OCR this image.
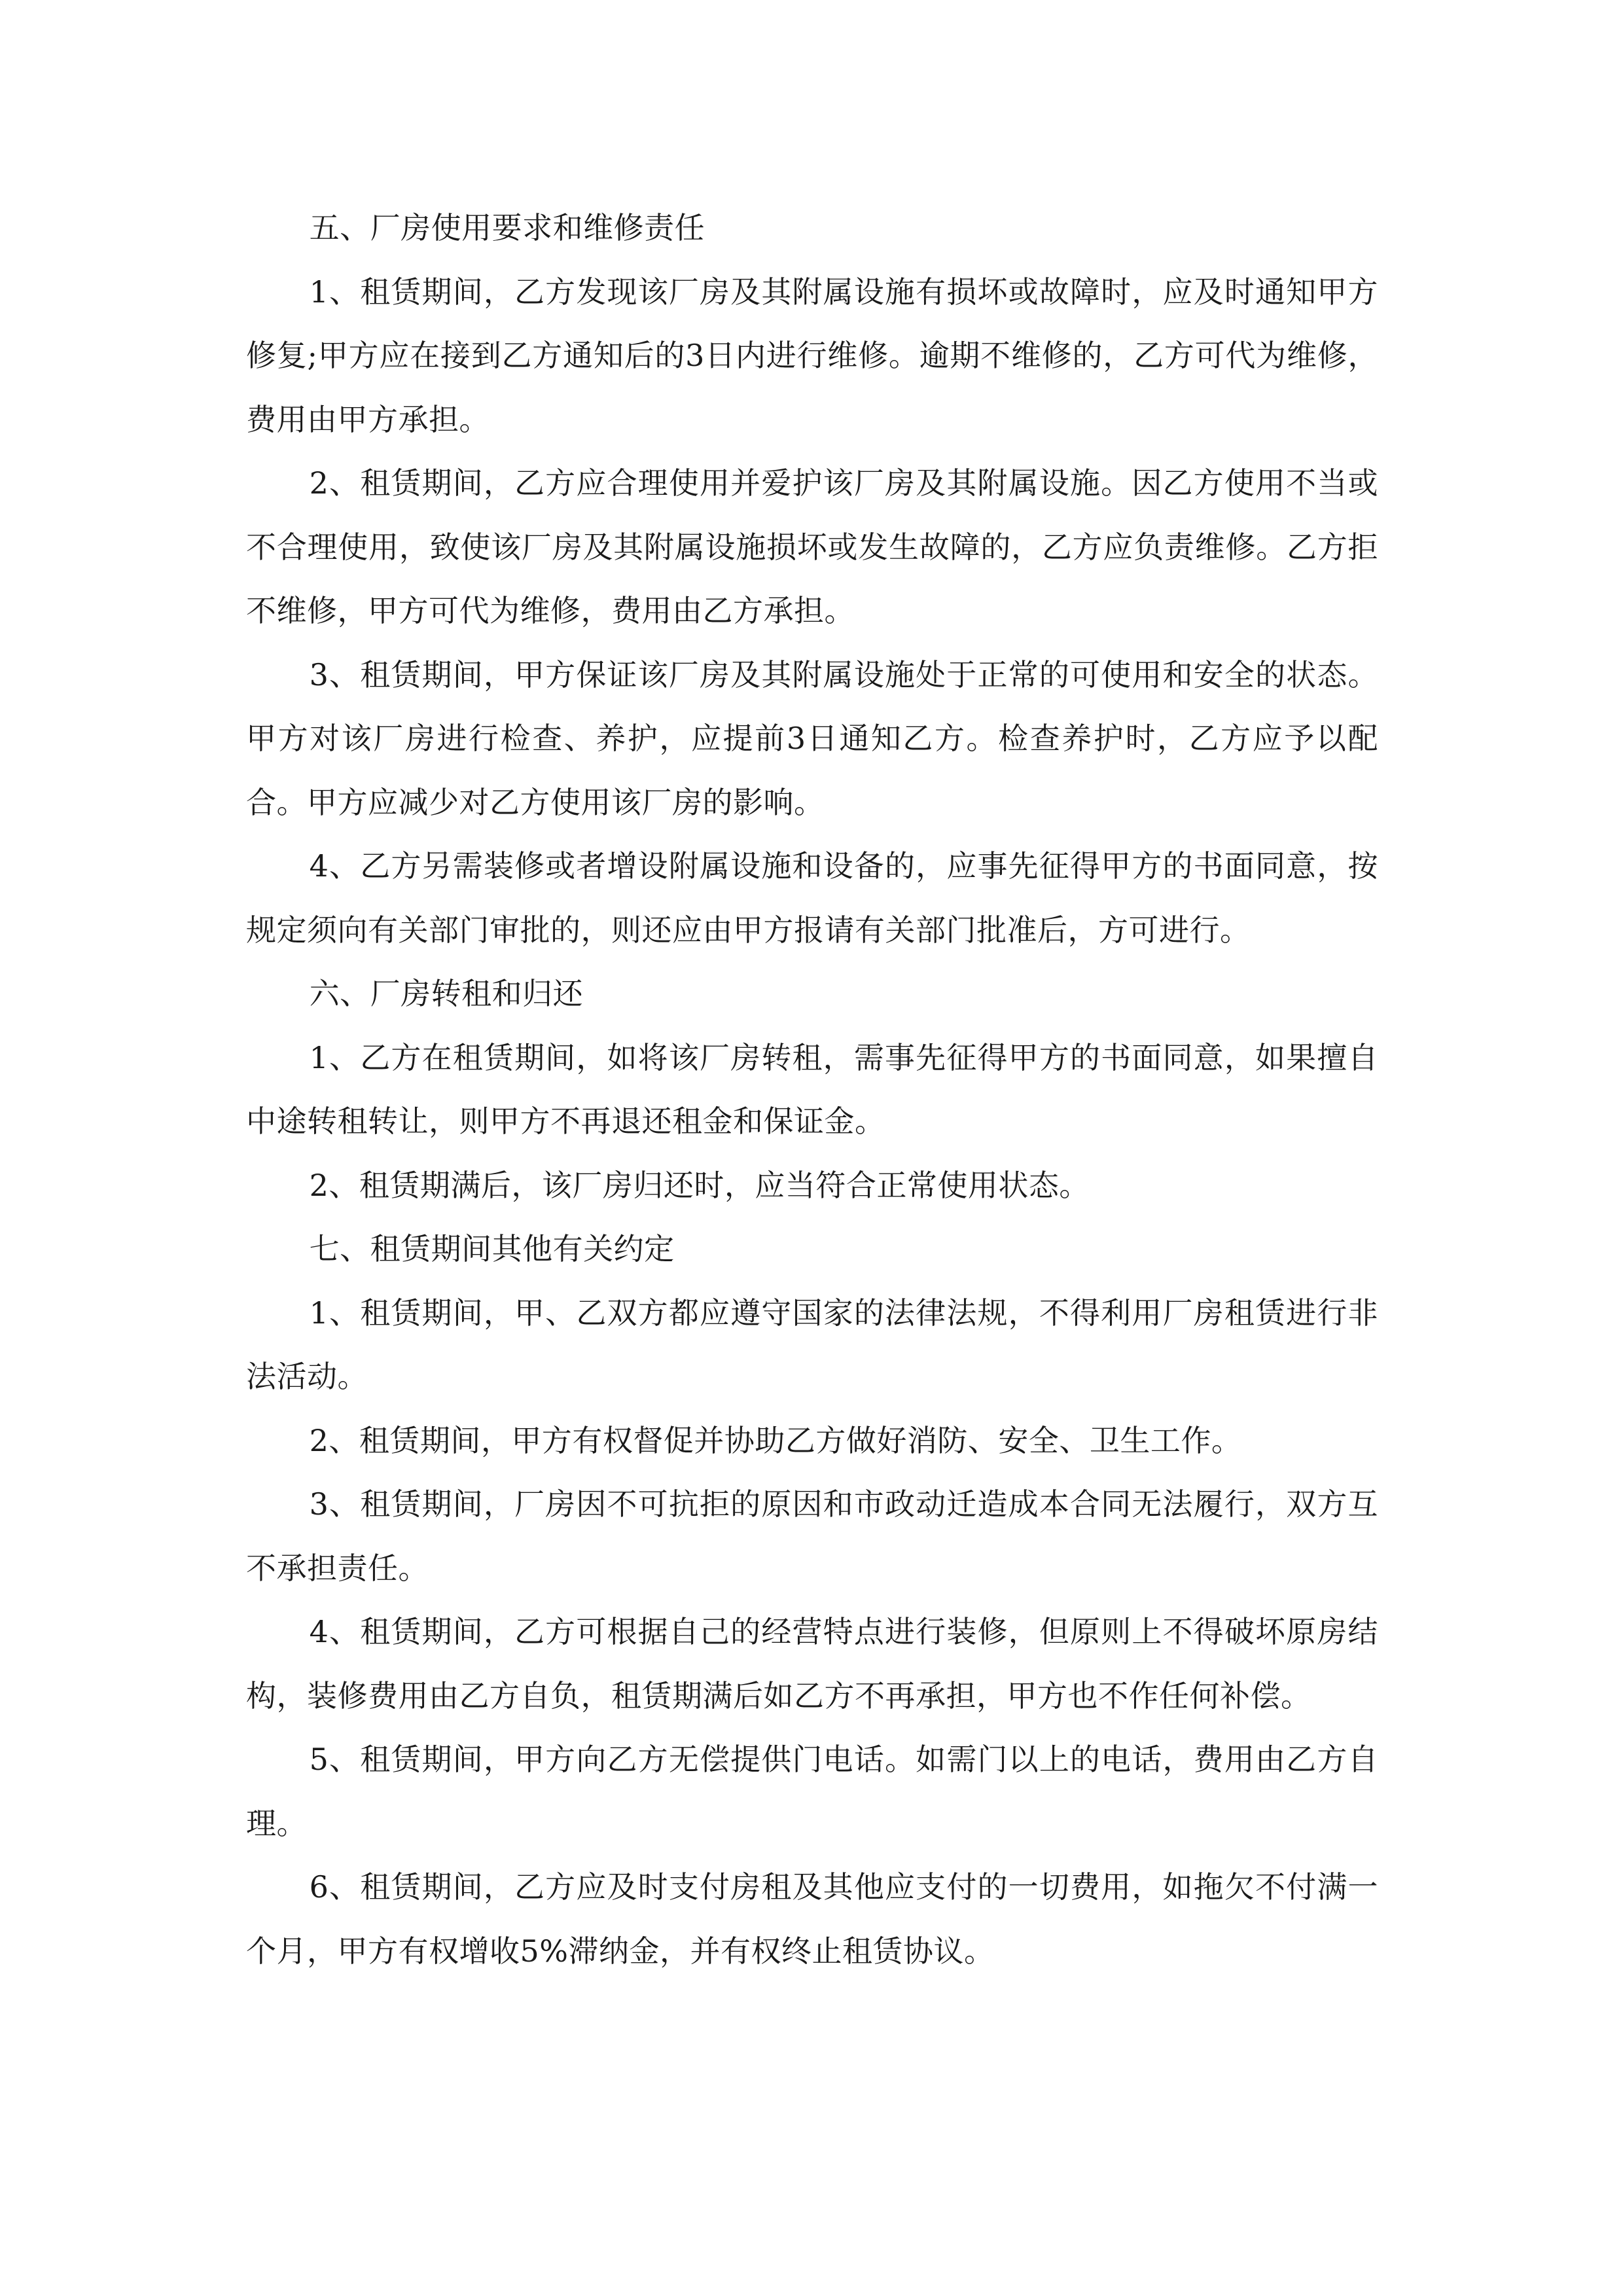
五、厂房使用要求和维修责任

1、租赁期间，乙方发现该厂房及其附属设施有损坏或故障时，应及时通知甲方修复;甲方应在接到乙方通知后的3日内进行维修。逾期不维修的，乙方可代为维修，费用由甲方承担。

2、租赁期间，乙方应合理使用并爱护该厂房及其附属设施。因乙方使用不当或不合理使用，致使该厂房及其附属设施损坏或发生故障的，乙方应负责维修。乙方拒不维修，甲方可代为维修，费用由乙方承担。

3、租赁期间，甲方保证该厂房及其附属设施处于正常的可使用和安全的状态。甲方对该厂房进行检查、养护，应提前3日通知乙方。检查养护时，乙方应予以配合。甲方应减少对乙方使用该厂房的影响。

4、乙方另需装修或者增设附属设施和设备的，应事先征得甲方的书面同意，按规定须向有关部门审批的，则还应由甲方报请有关部门批准后，方可进行。

六、厂房转租和归还

1、乙方在租赁期间，如将该厂房转租，需事先征得甲方的书面同意，如果擅自中途转租转让，则甲方不再退还租金和保证金。

2、租赁期满后，该厂房归还时，应当符合正常使用状态。

七、租赁期间其他有关约定

1、租赁期间，甲、乙双方都应遵守国家的法律法规，不得利用厂房租赁进行非法活动。

2、租赁期间，甲方有权督促并协助乙方做好消防、安全、卫生工作。

3、租赁期间，厂房因不可抗拒的原因和市政动迁造成本合同无法履行，双方互不承担责任。

4、租赁期间，乙方可根据自己的经营特点进行装修，但原则上不得破坏原房结构，装修费用由乙方自负，租赁期满后如乙方不再承担，甲方也不作任何补偿。

5、租赁期间，甲方向乙方无偿提供门电话。如需门以上的电话，费用由乙方自理。

6、租赁期间，乙方应及时支付房租及其他应支付的一切费用，如拖欠不付满一个月，甲方有权增收5%滞纳金，并有权终止租赁协议。
